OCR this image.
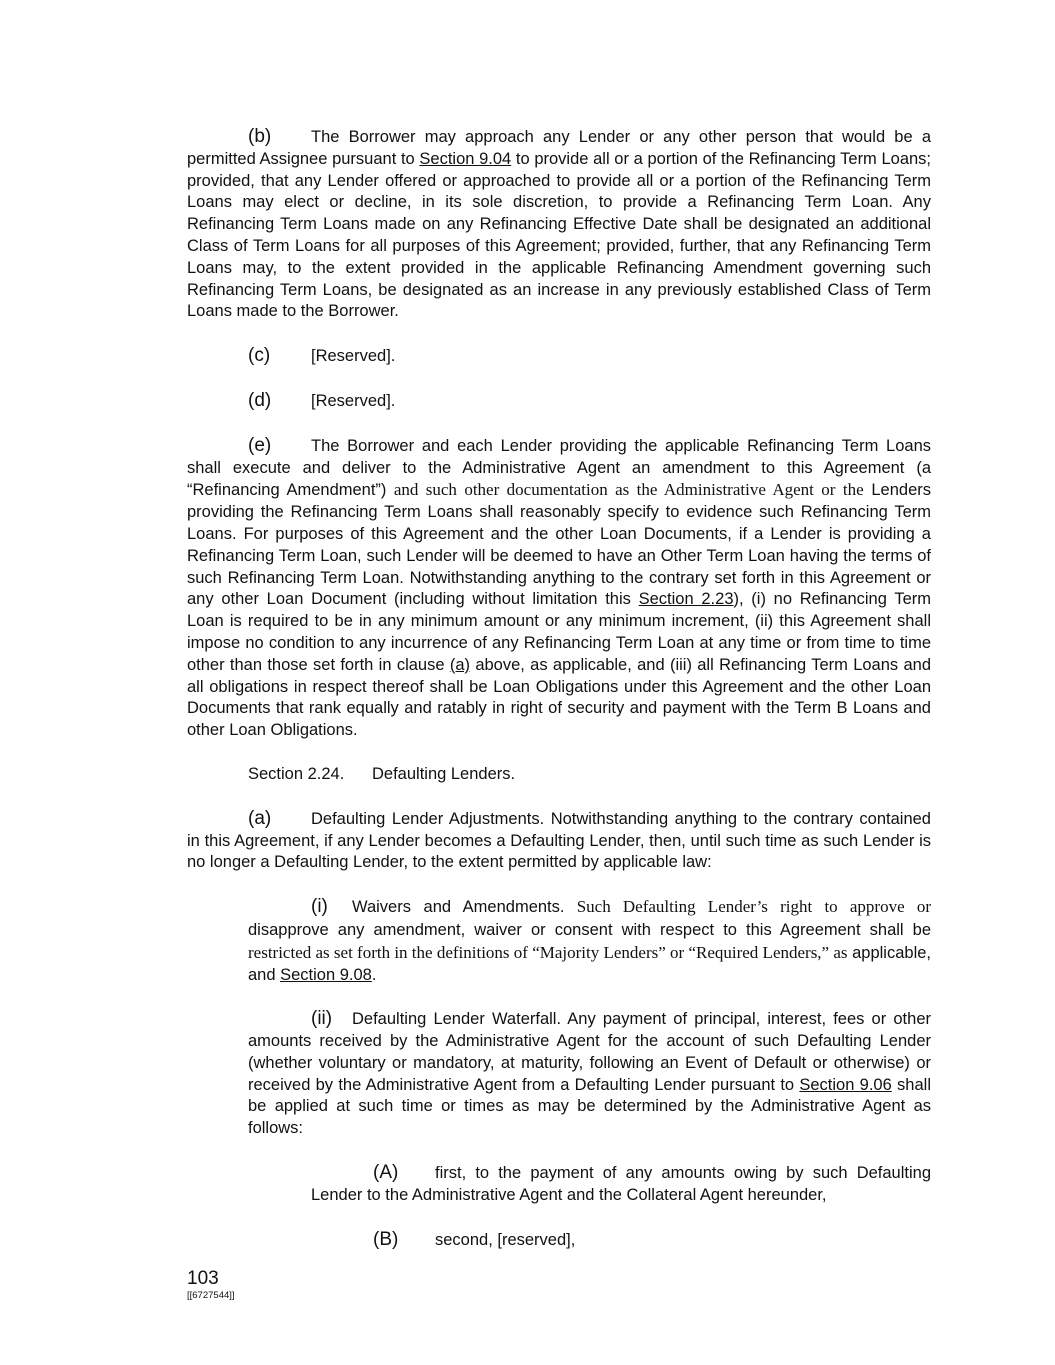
(b) The Borrower may approach any Lender or any other person that would be a permitted Assignee pursuant to Section 9.04 to provide all or a portion of the Refinancing Term Loans; provided, that any Lender offered or approached to provide all or a portion of the Refinancing Term Loans may elect or decline, in its sole discretion, to provide a Refinancing Term Loan. Any Refinancing Term Loans made on any Refinancing Effective Date shall be designated an additional Class of Term Loans for all purposes of this Agreement; provided, further, that any Refinancing Term Loans may, to the extent provided in the applicable Refinancing Amendment governing such Refinancing Term Loans, be designated as an increase in any previously established Class of Term Loans made to the Borrower.

(c) [Reserved].

(d) [Reserved].

(e) The Borrower and each Lender providing the applicable Refinancing Term Loans shall execute and deliver to the Administrative Agent an amendment to this Agreement (a “Refinancing Amendment”) and such other documentation as the Administrative Agent or the Lenders providing the Refinancing Term Loans shall reasonably specify to evidence such Refinancing Term Loans. For purposes of this Agreement and the other Loan Documents, if a Lender is providing a Refinancing Term Loan, such Lender will be deemed to have an Other Term Loan having the terms of such Refinancing Term Loan. Notwithstanding anything to the contrary set forth in this Agreement or any other Loan Document (including without limitation this Section 2.23), (i) no Refinancing Term Loan is required to be in any minimum amount or any minimum increment, (ii) this Agreement shall impose no condition to any incurrence of any Refinancing Term Loan at any time or from time to time other than those set forth in clause (a) above, as applicable, and (iii) all Refinancing Term Loans and all obligations in respect thereof shall be Loan Obligations under this Agreement and the other Loan Documents that rank equally and ratably in right of security and payment with the Term B Loans and other Loan Obligations.

Section 2.24. Defaulting Lenders.

(a) Defaulting Lender Adjustments. Notwithstanding anything to the contrary contained in this Agreement, if any Lender becomes a Defaulting Lender, then, until such time as such Lender is no longer a Defaulting Lender, to the extent permitted by applicable law:

(i) Waivers and Amendments. Such Defaulting Lender’s right to approve or disapprove any amendment, waiver or consent with respect to this Agreement shall be restricted as set forth in the definitions of “Majority Lenders” or “Required Lenders,” as applicable, and Section 9.08.

(ii) Defaulting Lender Waterfall. Any payment of principal, interest, fees or other amounts received by the Administrative Agent for the account of such Defaulting Lender (whether voluntary or mandatory, at maturity, following an Event of Default or otherwise) or received by the Administrative Agent from a Defaulting Lender pursuant to Section 9.06 shall be applied at such time or times as may be determined by the Administrative Agent as follows:

(A) first, to the payment of any amounts owing by such Defaulting Lender to the Administrative Agent and the Collateral Agent hereunder,

(B) second, [reserved],

103
[[6727544]]
